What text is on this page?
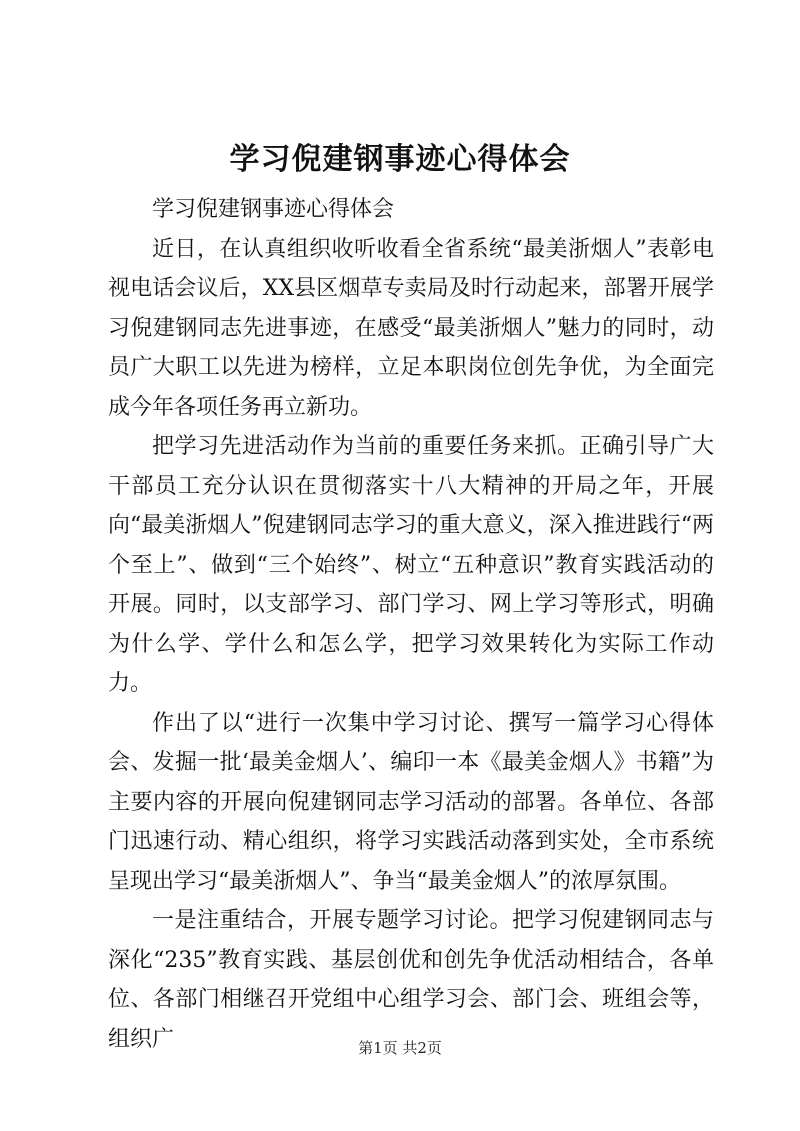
学习倪建钢事迹心得体会

学习倪建钢事迹心得体会

近日，在认真组织收听收看全省系统“最美浙烟人”表彰电视电话会议后，XX县区烟草专卖局及时行动起来，部署开展学习倪建钢同志先进事迹，在感受“最美浙烟人”魅力的同时，动员广大职工以先进为榜样，立足本职岗位创先争优，为全面完成今年各项任务再立新功。

把学习先进活动作为当前的重要任务来抓。正确引导广大干部员工充分认识在贯彻落实十八大精神的开局之年，开展向“最美浙烟人”倪建钢同志学习的重大意义，深入推进践行“两个至上”、做到“三个始终”、树立“五种意识”教育实践活动的开展。同时，以支部学习、部门学习、网上学习等形式，明确为什么学、学什么和怎么学，把学习效果转化为实际工作动力。

作出了以“进行一次集中学习讨论、撰写一篇学习心得体会、发掘一批‘最美金烟人’、编印一本《最美金烟人》书籍”为主要内容的开展向倪建钢同志学习活动的部署。各单位、各部门迅速行动、精心组织，将学习实践活动落到实处，全市系统呈现出学习“最美浙烟人”、争当“最美金烟人”的浓厚氛围。

一是注重结合，开展专题学习讨论。把学习倪建钢同志与深化“235”教育实践、基层创优和创先争优活动相结合，各单位、各部门相继召开党组中心组学习会、部门会、班组会等，组织广	第1页 共2页
